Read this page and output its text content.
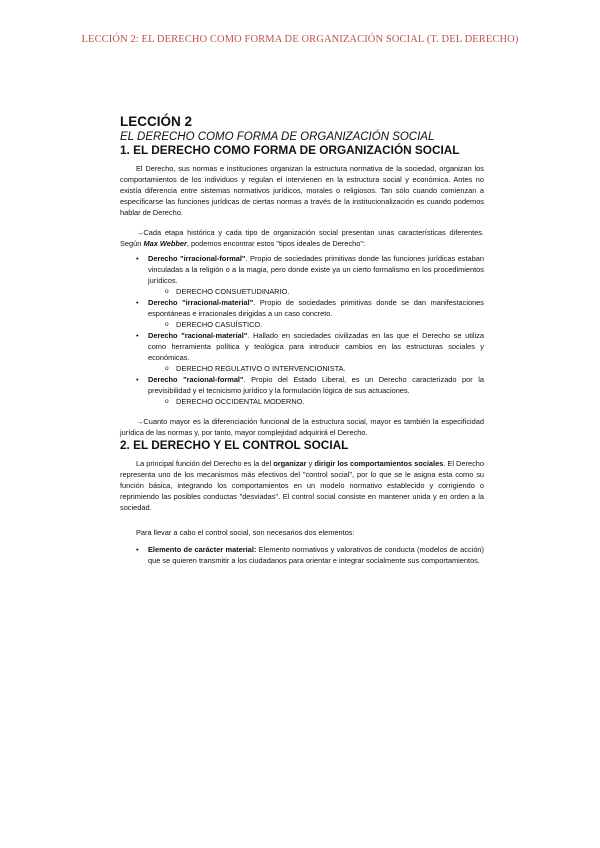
LECCIÓN 2: EL DERECHO COMO FORMA DE ORGANIZACIÓN SOCIAL (T. DEL DERECHO)

LECCIÓN 2

EL DERECHO COMO FORMA DE ORGANIZACIÓN SOCIAL

1. EL DERECHO COMO FORMA DE ORGANIZACIÓN SOCIAL

El Derecho, sus normas e instituciones organizan la estructura normativa de la sociedad, organizan los comportamientos de los individuos y regulan el intervienen en la estructura social y económica. Antes no existía diferencia entre sistemas normativos jurídicos, morales o religiosos. Tan sólo cuando comienzan a especificarse las funciones jurídicas de ciertas normas a través de la institucionalización es cuando podemos hablar de Derecho.

→Cada etapa histórica y cada tipo de organización social presentan unas características diferentes. Según Max Webber, podemos encontrar estos "tipos ideales de Derecho":

• Derecho "irracional-formal". Propio de sociedades primitivas donde las funciones jurídicas estaban vinculadas a la religión o a la magia, pero donde existe ya un cierto formalismo en los procedimientos jurídicos.
o DERECHO CONSUETUDINARIO.
• Derecho "irracional-material". Propio de sociedades primitivas donde se dan manifestaciones espontáneas e irracionales dirigidas a un caso concreto.
o DERECHO CASUÍSTICO.
• Derecho "racional-material". Hallado en sociedades civilizadas en las que el Derecho se utiliza como herramienta política y teológica para introducir cambios en las estructuras sociales y económicas.
o DERECHO REGULATIVO O INTERVENCIONISTA.
• Derecho "racional-formal". Propio del Estado Liberal, es un Derecho caracterizado por la previsibilidad y el tecnicismo jurídico y la formulación lógica de sus actuaciones.
o DERECHO OCCIDENTAL MODERNO.

→Cuanto mayor es la diferenciación funcional de la estructura social, mayor es también la especificidad jurídica de las normas y, por tanto, mayor complejidad adquirirá el Derecho.

2. EL DERECHO Y EL CONTROL SOCIAL

La principal función del Derecho es la del organizar y dirigir los comportamientos sociales. El Derecho representa uno de los mecanismos más efectivos del "control social", por lo que se le asigna esta como su función básica, integrando los comportamientos en un modelo normativo establecido y corrigiendo o reprimiendo las posibles conductas "desviadas". El control social consiste en mantener unida y en orden a la sociedad.

Para llevar a cabo el control social, son necesarios dos elementos:

• Elemento de carácter material: Elemento normativos y valorativos de conducta (modelos de acción) que se quieren transmitir a los ciudadanos para orientar e integrar socialmente sus comportamientos.
